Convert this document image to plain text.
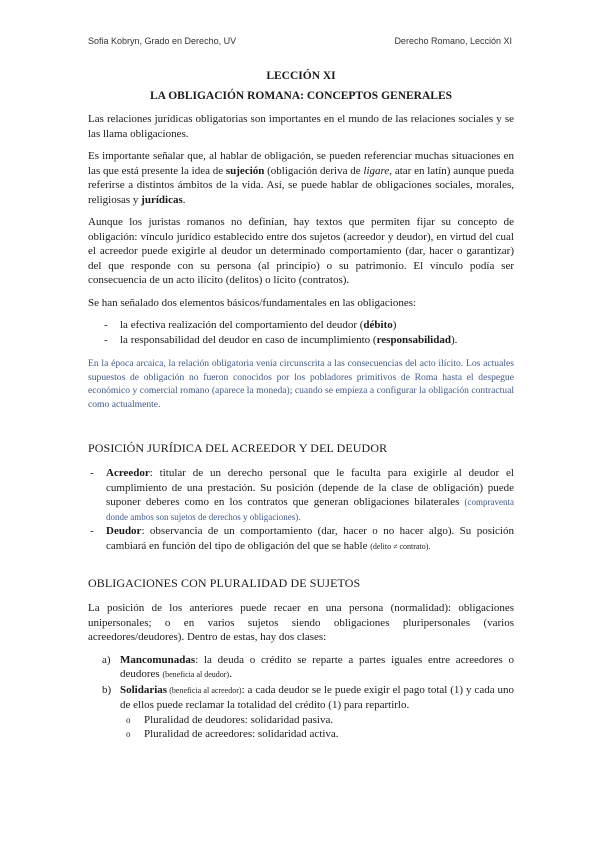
Sofia Kobryn, Grado en Derecho, UV	Derecho Romano, Lección XI
LECCIÓN XI
LA OBLIGACIÓN ROMANA: CONCEPTOS GENERALES

Las relaciones jurídicas obligatorias son importantes en el mundo de las relaciones sociales y se las llama obligaciones.

Es importante señalar que, al hablar de obligación, se pueden referenciar muchas situaciones en las que está presente la idea de sujeción (obligación deriva de ligare, atar en latín) aunque pueda referirse a distintos ámbitos de la vida. Así, se puede hablar de obligaciones sociales, morales, religiosas y jurídicas.

Aunque los juristas romanos no definían, hay textos que permiten fijar su concepto de obligación: vínculo jurídico establecido entre dos sujetos (acreedor y deudor), en virtud del cual el acreedor puede exigirle al deudor un determinado comportamiento (dar, hacer o garantizar) del que responde con su persona (al principio) o su patrimonio. El vínculo podía ser consecuencia de un acto ilícito (delitos) o lícito (contratos).

Se han señalado dos elementos básicos/fundamentales en las obligaciones:

- la efectiva realización del comportamiento del deudor (débito)
- la responsabilidad del deudor en caso de incumplimiento (responsabilidad).
En la época arcaica, la relación obligatoria venía circunscrita a las consecuencias del acto ilícito. Los actuales supuestos de obligación no fueron conocidos por los pobladores primitivos de Roma hasta el despegue económico y comercial romano (aparece la moneda); cuando se empieza a configurar la obligación contractual como actualmente.
POSICIÓN JURÍDICA DEL ACREEDOR Y DEL DEUDOR
- Acreedor: titular de un derecho personal que le faculta para exigirle al deudor el cumplimiento de una prestación. Su posición (depende de la clase de obligación) puede suponer deberes como en los contratos que generan obligaciones bilaterales (compraventa donde ambos son sujetos de derechos y obligaciones).
- Deudor: observancia de un comportamiento (dar, hacer o no hacer algo). Su posición cambiará en función del tipo de obligación del que se hable (delito ≠ contrato).
OBLIGACIONES CON PLURALIDAD DE SUJETOS

La posición de los anteriores puede recaer en una persona (normalidad): obligaciones unipersonales; o en varios sujetos siendo obligaciones pluripersonales (varios acreedores/deudores). Dentro de estas, hay dos clases:

a) Mancomunadas: la deuda o crédito se reparte a partes iguales entre acreedores o deudores (beneficia al deudor).
b) Solidarias (beneficia al acreedor): a cada deudor se le puede exigir el pago total (1) y cada uno de ellos puede reclamar la totalidad del crédito (1) para repartirlo.
o Pluralidad de deudores: solidaridad pasiva.
o Pluralidad de acreedores: solidaridad activa.
